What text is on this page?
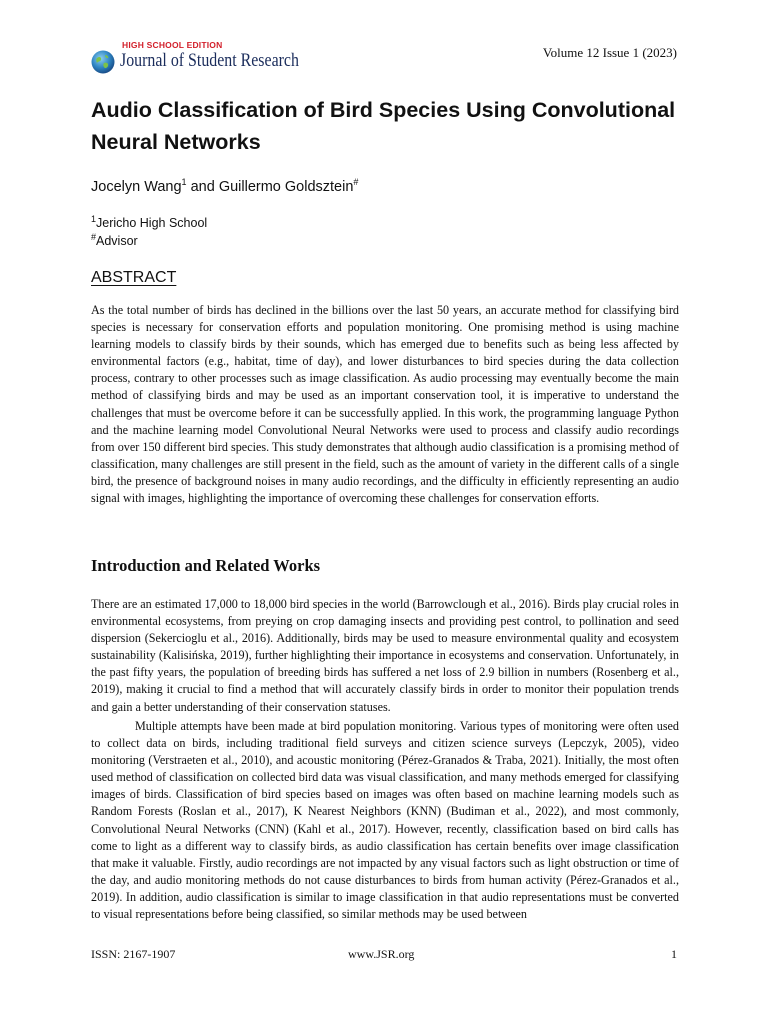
HIGH SCHOOL EDITION
Journal of Student Research	Volume 12 Issue 1 (2023)
Audio Classification of Bird Species Using Convolutional Neural Networks
Jocelyn Wang$^1$ and Guillermo Goldsztein#
$^1$Jericho High School
#Advisor
ABSTRACT

As the total number of birds has declined in the billions over the last 50 years, an accurate method for classifying bird species is necessary for conservation efforts and population monitoring. One promising method is using machine learning models to classify birds by their sounds, which has emerged due to benefits such as being less affected by environmental factors (e.g., habitat, time of day), and lower disturbances to bird species during the data collection process, contrary to other processes such as image classification. As audio processing may eventually become the main method of classifying birds and may be used as an important conservation tool, it is imperative to understand the challenges that must be overcome before it can be successfully applied. In this work, the programming language Python and the machine learning model Convolutional Neural Networks were used to process and classify audio recordings from over 150 different bird species. This study demonstrates that although audio classification is a promising method of classification, many challenges are still present in the field, such as the amount of variety in the different calls of a single bird, the presence of background noises in many audio recordings, and the difficulty in efficiently representing an audio signal with images, highlighting the importance of overcoming these challenges for conservation efforts.

Introduction and Related Works

There are an estimated 17,000 to 18,000 bird species in the world (Barrowclough et al., 2016). Birds play crucial roles in environmental ecosystems, from preying on crop damaging insects and providing pest control, to pollination and seed dispersion (Sekercioglu et al., 2016). Additionally, birds may be used to measure environmental quality and ecosystem sustainability (Kalisińska, 2019), further highlighting their importance in ecosystems and conservation. Unfortunately, in the past fifty years, the population of breeding birds has suffered a net loss of 2.9 billion in numbers (Rosenberg et al., 2019), making it crucial to find a method that will accurately classify birds in order to monitor their population trends and gain a better understanding of their conservation statuses.

Multiple attempts have been made at bird population monitoring. Various types of monitoring were often used to collect data on birds, including traditional field surveys and citizen science surveys (Lepczyk, 2005), video monitoring (Verstraeten et al., 2010), and acoustic monitoring (Pérez-Granados & Traba, 2021). Initially, the most often used method of classification on collected bird data was visual classification, and many methods emerged for classifying images of birds. Classification of bird species based on images was often based on machine learning models such as Random Forests (Roslan et al., 2017), K Nearest Neighbors (KNN) (Budiman et al., 2022), and most commonly, Convolutional Neural Networks (CNN) (Kahl et al., 2017). However, recently, classification based on bird calls has come to light as a different way to classify birds, as audio classification has certain benefits over image classification that make it valuable. Firstly, audio recordings are not impacted by any visual factors such as light obstruction or time of the day, and audio monitoring methods do not cause disturbances to birds from human activity (Pérez-Granados et al., 2019). In addition, audio classification is similar to image classification in that audio representations must be converted to visual representations before being classified, so similar methods may be used between

ISSN: 2167-1907	www.JSR.org	1
